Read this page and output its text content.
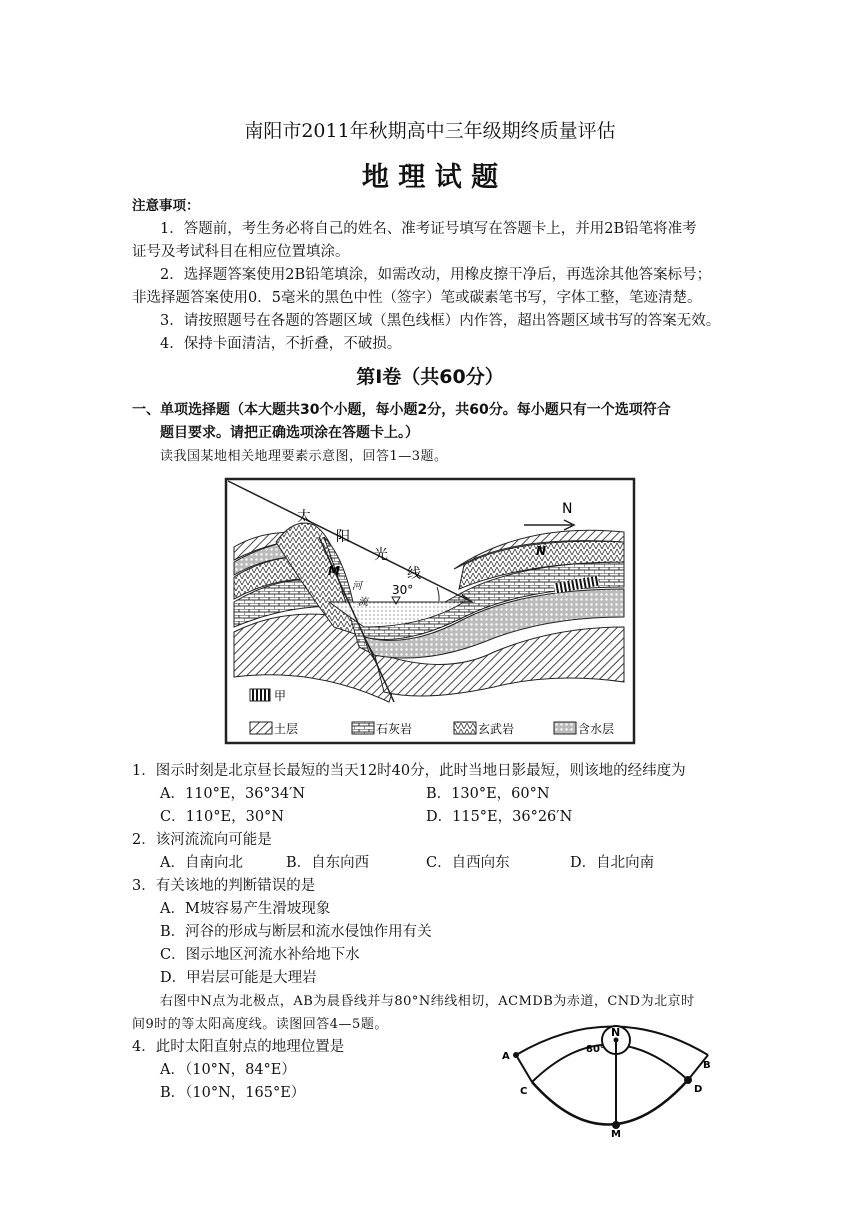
南阳市2011年秋期高中三年级期终质量评估
地 理 试 题
注意事项：
1．答题前，考生务必将自己的姓名、准考证号填写在答题卡上，并用2B铅笔将准考
证号及考试科目在相应位置填涂。
2．选择题答案使用2B铅笔填涂，如需改动，用橡皮擦干净后，再选涂其他答案标号；
非选择题答案使用0．5毫米的黑色中性（签字）笔或碳素笔书写，字体工整，笔迹清楚。
3．请按照题号在各题的答题区域（黑色线框）内作答，超出答题区域书写的答案无效。
4．保持卡面清洁，不折叠，不破损。
第Ⅰ卷（共60分）
一、单项选择题（本大题共30个小题，每小题2分，共60分。每小题只有一个选项符合
题目要求。请把正确选项涂在答题卡上。）
读我国某地相关地理要素示意图，回答1—3题。
太
阳
光
线
30°
N
N
M
河
流
甲
土层	石灰岩	玄武岩	含水层
1．图示时刻是北京昼长最短的当天12时40分，此时当地日影最短，则该地的经纬度为
A．110°E，36°34′N	B．130°E，60°N
C．110°E，30°N	D．115°E，36°26′N
2．该河流流向可能是
A．自南向北	B．自东向西	C．自西向东	D．自北向南
3．有关该地的判断错误的是
A．M坡容易产生滑坡现象
B．河谷的形成与断层和流水侵蚀作用有关
C．图示地区河流水补给地下水
D．甲岩层可能是大理岩
右图中N点为北极点，AB为晨昏线并与80°N纬线相切，ACMDB为赤道，CND为北京时
间9时的等太阳高度线。读图回答4—5题。
4．此时太阳直射点的地理位置是
A．（10°N，84°E）
B．（10°N，165°E）
N
80°
A
B
C	D
M
